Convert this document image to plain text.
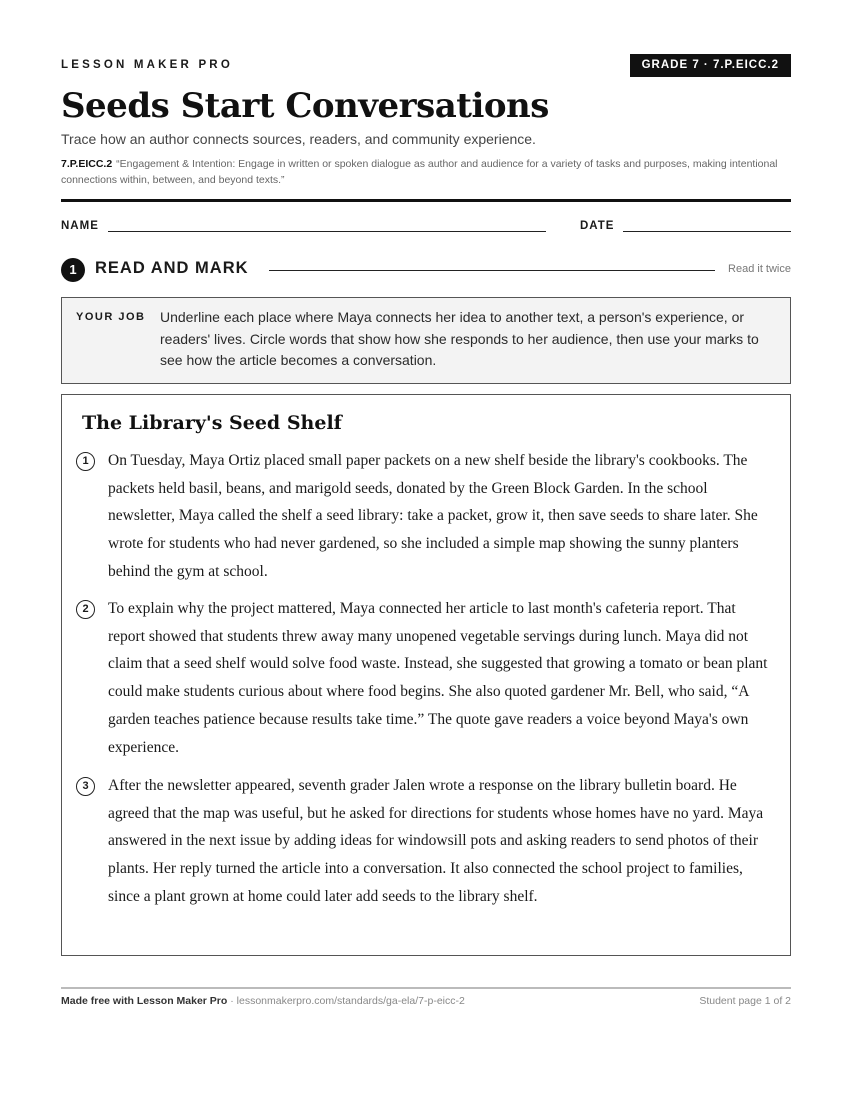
LESSON MAKER PRO	GRADE 7 · 7.P.EICC.2
Seeds Start Conversations
Trace how an author connects sources, readers, and community experience.
7.P.EICC.2 “Engagement & Intention: Engage in written or spoken dialogue as author and audience for a variety of tasks and purposes, making intentional connections within, between, and beyond texts.”
NAME	DATE
1	READ AND MARK	Read it twice
YOUR JOB Underline each place where Maya connects her idea to another text, a person's experience, or readers' lives. Circle words that show how she responds to her audience, then use your marks to see how the article becomes a conversation.
The Library's Seed Shelf
1	On Tuesday, Maya Ortiz placed small paper packets on a new shelf beside the library's cookbooks. The packets held basil, beans, and marigold seeds, donated by the Green Block Garden. In the school newsletter, Maya called the shelf a seed library: take a packet, grow it, then save seeds to share later. She wrote for students who had never gardened, so she included a simple map showing the sunny planters behind the gym at school.
2	To explain why the project mattered, Maya connected her article to last month's cafeteria report. That report showed that students threw away many unopened vegetable servings during lunch. Maya did not claim that a seed shelf would solve food waste. Instead, she suggested that growing a tomato or bean plant could make students curious about where food begins. She also quoted gardener Mr. Bell, who said, “A garden teaches patience because results take time.” The quote gave readers a voice beyond Maya's own experience.
3	After the newsletter appeared, seventh grader Jalen wrote a response on the library bulletin board. He agreed that the map was useful, but he asked for directions for students whose homes have no yard. Maya answered in the next issue by adding ideas for windowsill pots and asking readers to send photos of their plants. Her reply turned the article into a conversation. It also connected the school project to families, since a plant grown at home could later add seeds to the library shelf.
Made free with Lesson Maker Pro · lessonmakerpro.com/standards/ga-ela/7-p-eicc-2	Student page 1 of 2
